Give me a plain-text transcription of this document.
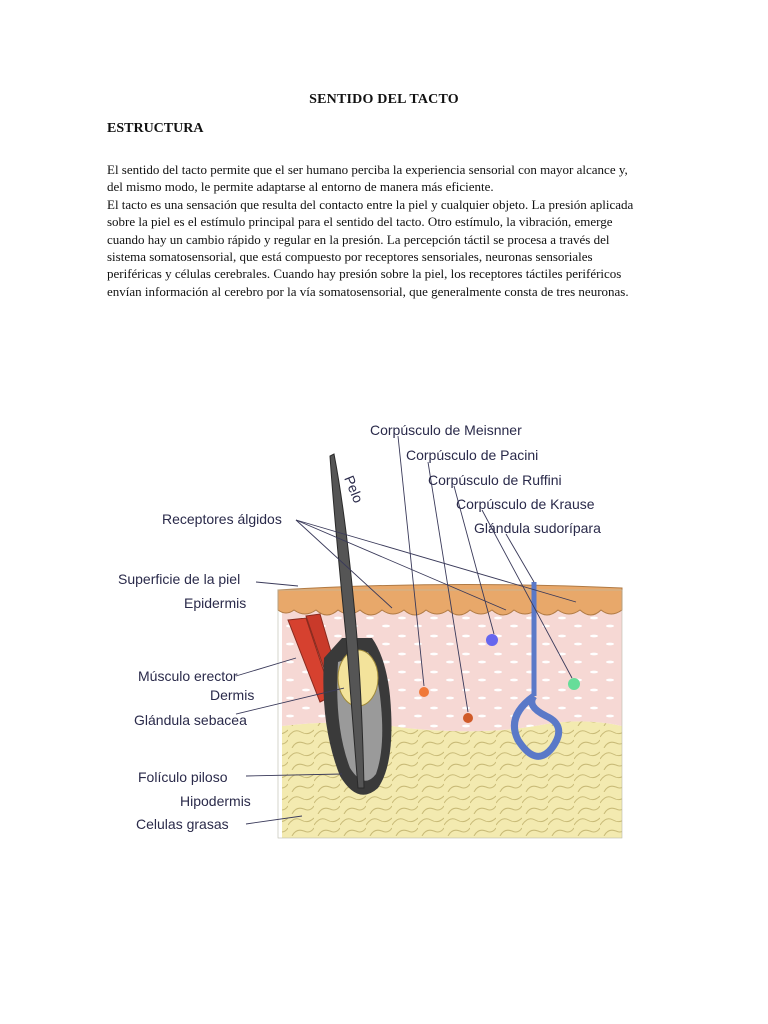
SENTIDO DEL TACTO
ESTRUCTURA

El sentido del tacto permite que el ser humano perciba la experiencia sensorial con mayor alcance y, del mismo modo, le permite adaptarse al entorno de manera más eficiente.

El tacto es una sensación que resulta del contacto entre la piel y cualquier objeto. La presión aplicada sobre la piel es el estímulo principal para el sentido del tacto. Otro estímulo, la vibración, emerge cuando hay un cambio rápido y regular en la presión. La percepción táctil se procesa a través del sistema somatosensorial, que está compuesto por receptores sensoriales, neuronas sensoriales periféricas y células cerebrales. Cuando hay presión sobre la piel, los receptores táctiles periféricos envían información al cerebro por la vía somatosensorial, que generalmente consta de tres neuronas.

Corpúsculo de Meisnner
Corpúsculo de Pacini
Corpúsculo de Ruffini
Corpúsculo de Krause
Glándula sudorípara
Pelo
Receptores álgidos
Superficie de la piel
Epidermis
Músculo erector
Dermis
Glándula sebacea
Folículo piloso
Hipodermis
Celulas grasas
